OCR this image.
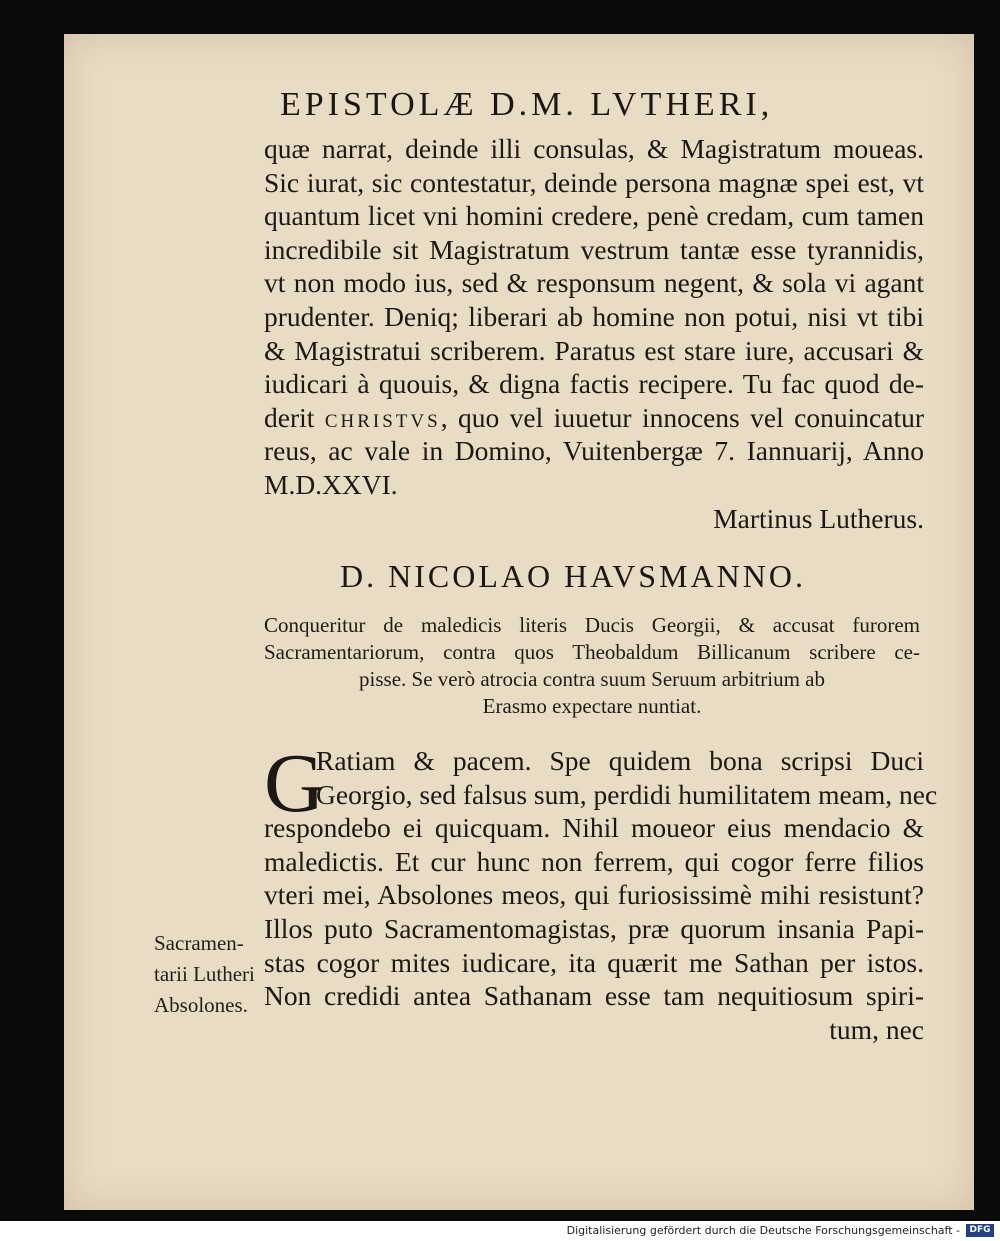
EPISTOLÆ D.M. LVTHERI,
quæ narrat, deinde illi consulas, & Magistratum moueas.
Sic iurat, sic contestatur, deinde persona magnæ spei est, vt
quantum licet vni homini credere, penè credam, cum tamen
incredibile sit Magistratum vestrum tantæ esse tyrannidis,
vt non modo ius, sed & responsum negent, & sola vi agant
prudenter. Deniq; liberari ab homine non potui, nisi vt tibi
& Magistratui scriberem. Paratus est stare iure, accusari &
iudicari à quouis, & digna factis recipere. Tu fac quod de-
derit CHRISTVS, quo vel iuuetur innocens vel conuincatur
reus, ac vale in Domino, Vuitenbergæ 7. Iannuarij, Anno
M.D.XXVI.
Martinus Lutherus.
D. NICOLAO HAVSMANNO.
Conqueritur de maledicis literis Ducis Georgii, & accusat furorem
Sacramentariorum, contra quos Theobaldum Billicanum scribere ce-
pisse. Se verò atrocia contra suum Seruum arbitrium ab
Erasmo expectare nuntiat.
G
Ratiam & pacem. Spe quidem bona scripsi Duci
Georgio, sed falsus sum, perdidi humilitatem meam, nec
respondebo ei quicquam. Nihil moueor eius mendacio &
maledictis. Et cur hunc non ferrem, qui cogor ferre filios
vteri mei, Absolones meos, qui furiosissimè mihi resistunt?
Illos puto Sacramentomagistas, præ quorum insania Papi-
stas cogor mites iudicare, ita quærit me Sathan per istos.
Non credidi antea Sathanam esse tam nequitiosum spiri-
tum, nec
Sacramen-
tarii Lutheri
Absolones.
Digitalisierung gefördert durch die Deutsche Forschungsgemeinschaft -	DFG
